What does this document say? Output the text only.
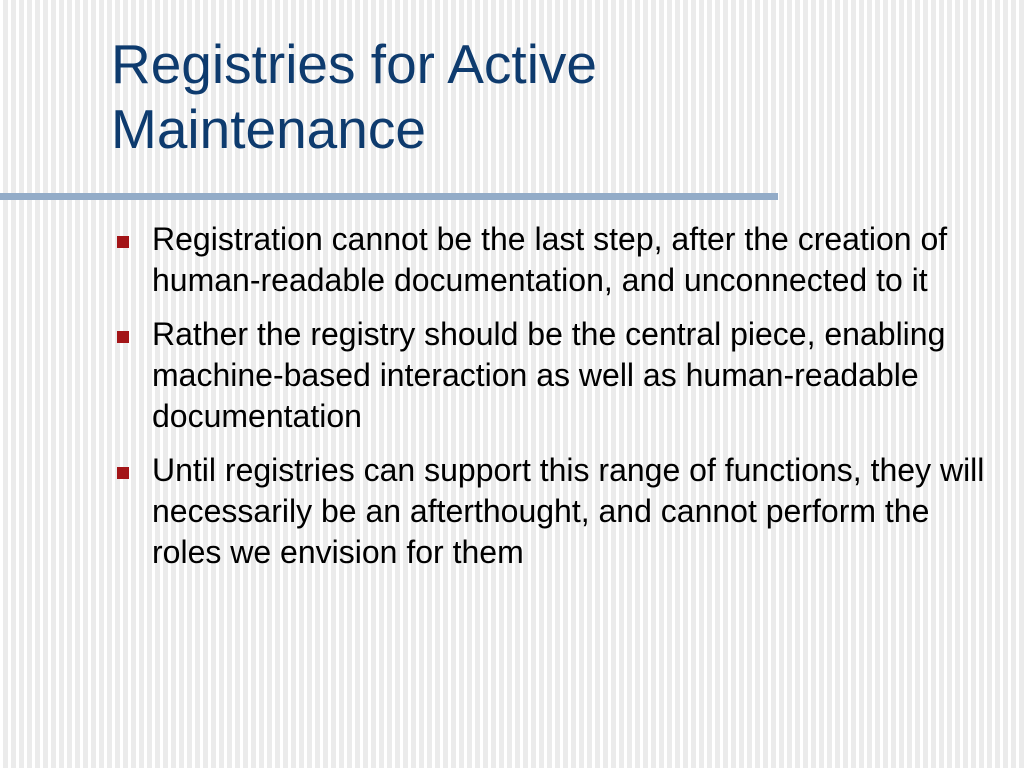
Registries for Active
Maintenance
Registration cannot be the last step, after the creation of human-readable documentation, and unconnected to it
Rather the registry should be the central piece, enabling machine-based interaction as well as human-readable documentation
Until registries can support this range of functions, they will necessarily be an afterthought, and cannot perform the roles we envision for them
